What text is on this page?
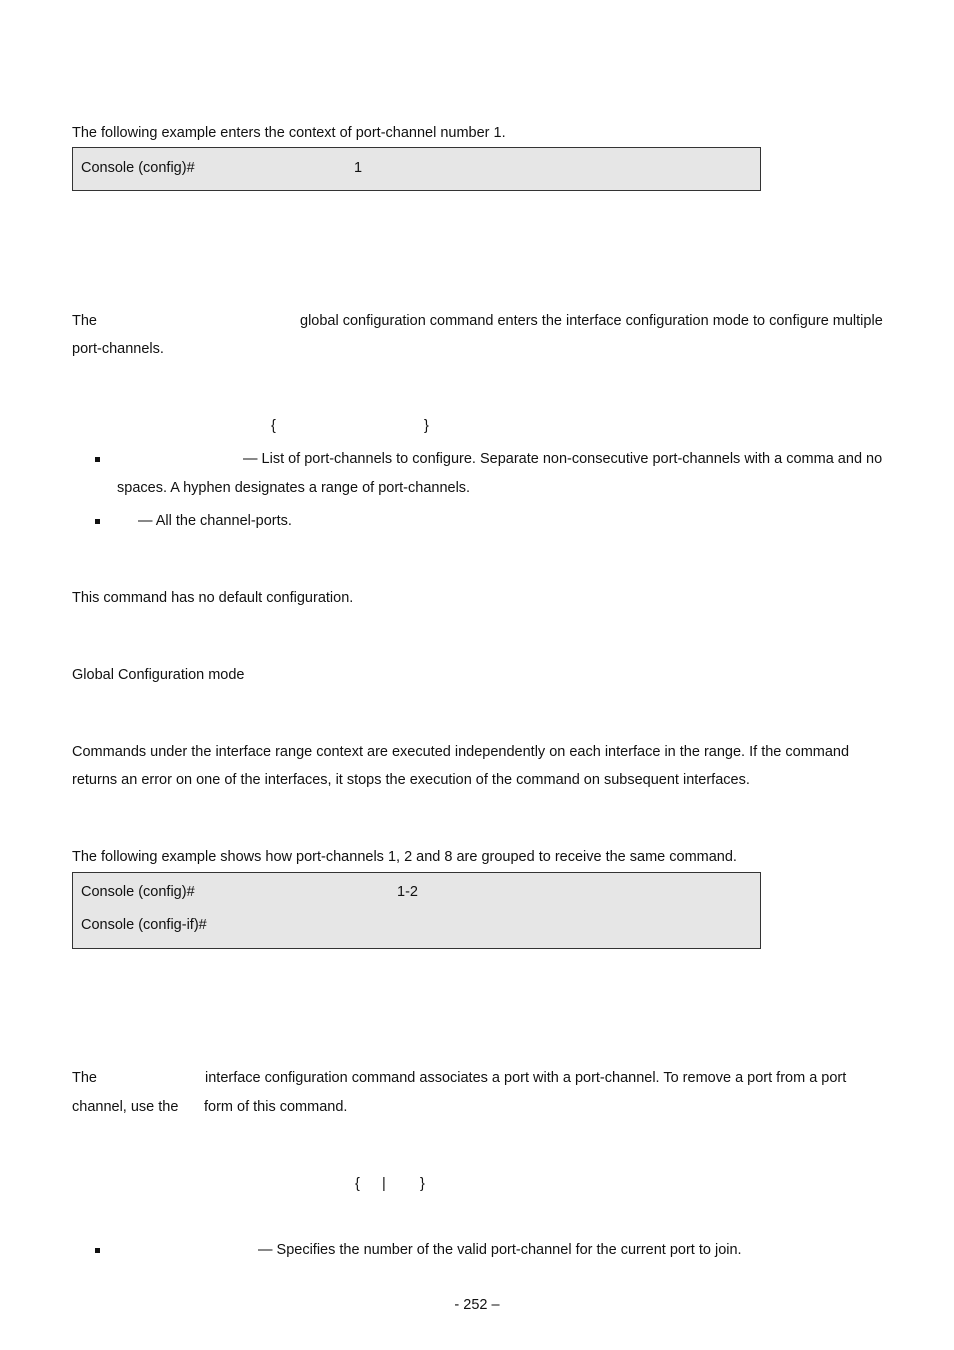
The following example enters the context of port-channel number 1.
Console (config)#	1
The	global configuration command enters the interface configuration mode to configure multiple
port-channels.
{	}
— List of port-channels to configure. Separate non-consecutive port-channels with a comma and no
spaces. A hyphen designates a range of port-channels.
— All the channel-ports.
This command has no default configuration.
Global Configuration mode
Commands under the interface range context are executed independently on each interface in the range. If the command
returns an error on one of the interfaces, it stops the execution of the command on subsequent interfaces.
The following example shows how port-channels 1, 2 and 8 are grouped to receive the same command.
Console (config)#	1-2
Console (config-if)#
The	interface configuration command associates a port with a port-channel. To remove a port from a port
channel, use the form of this command.
{ | }
— Specifies the number of the valid port-channel for the current port to join.
- 252 –
